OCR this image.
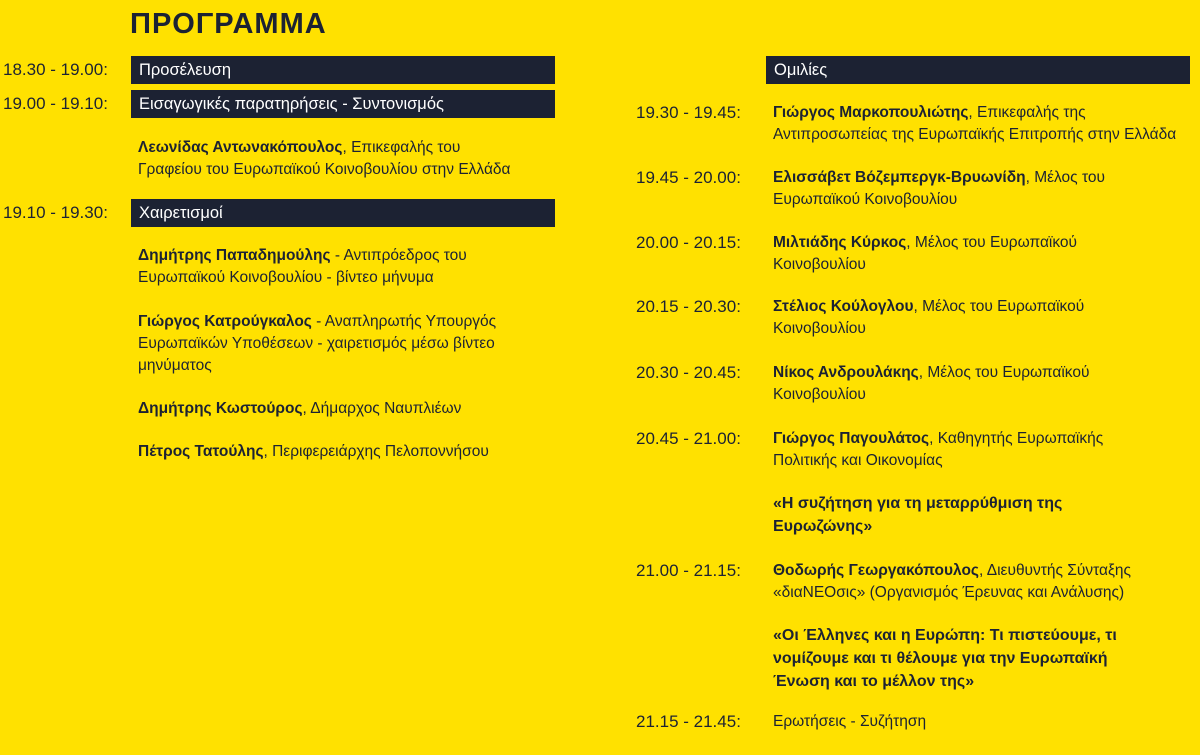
ΠΡΟΓΡΑΜΜΑ
18.30 - 19.00:	Προσέλευση
19.00 - 19.10:	Εισαγωγικές παρατηρήσεις - Συντονισμός
Λεωνίδας Αντωνακόπουλος, Επικεφαλής του
Γραφείου του Ευρωπαϊκού Κοινοβουλίου στην Ελλάδα
19.10 - 19.30:	Χαιρετισμοί
Δημήτρης Παπαδημούλης - Αντιπρόεδρος του
Ευρωπαϊκού Κοινοβουλίου - βίντεο μήνυμα
Γιώργος Κατρούγκαλος - Αναπληρωτής Υπουργός
Ευρωπαϊκών Υποθέσεων - χαιρετισμός μέσω βίντεο
μηνύματος
Δημήτρης Κωστούρος, Δήμαρχος Ναυπλιέων
Πέτρος Τατούλης, Περιφερειάρχης Πελοποννήσου
Ομιλίες
19.30 - 19.45: Γιώργος Μαρκοπουλιώτης, Επικεφαλής της
Αντιπροσωπείας της Ευρωπαϊκής Επιτροπής στην Ελλάδα
19.45 - 20.00: Ελισσάβετ Βόζεμπεργκ-Βρυωνίδη, Μέλος του
Ευρωπαϊκού Κοινοβουλίου
20.00 - 20.15: Μιλτιάδης Κύρκος, Μέλος του Ευρωπαϊκού
Κοινοβουλίου
20.15 - 20.30: Στέλιος Κούλογλου, Μέλος του Ευρωπαϊκού
Κοινοβουλίου
20.30 - 20.45: Νίκος Ανδρουλάκης, Μέλος του Ευρωπαϊκού
Κοινοβουλίου
20.45 - 21.00: Γιώργος Παγουλάτος, Καθηγητής Ευρωπαϊκής
Πολιτικής και Οικονομίας
«Η συζήτηση για τη μεταρρύθμιση της
Ευρωζώνης»
21.00 - 21.15: Θοδωρής Γεωργακόπουλος, Διευθυντής Σύνταξης
«διαΝΕΟσις» (Οργανισμός Έρευνας και Ανάλυσης)
«Οι Έλληνες και η Ευρώπη: Τι πιστεύουμε, τι
νομίζουμε και τι θέλουμε για την Ευρωπαϊκή
Ένωση και το μέλλον της»
21.15 - 21.45: Ερωτήσεις - Συζήτηση
